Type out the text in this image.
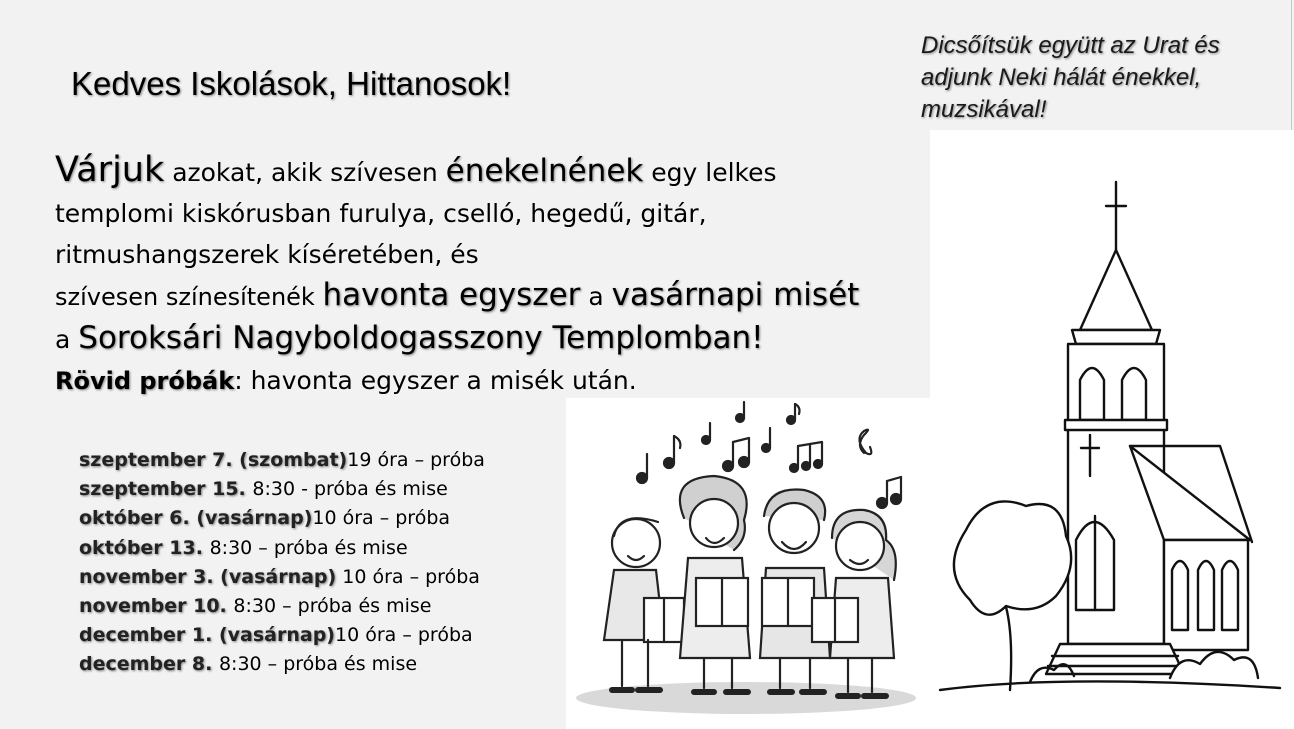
Dicsőítsük együtt az Urat és
adjunk Neki hálát énekkel,
muzsikával!

Kedves Iskolások, Hittanosok!
Várjuk azokat, akik szívesen énekelnének egy lelkes
templomi kiskórusban furulya, cselló, hegedű, gitár,
ritmushangszerek kíséretében, és
szívesen színesítenék havonta egyszer a vasárnapi misét
a Soroksári Nagyboldogasszony Templomban!
Rövid próbák: havonta egyszer a misék után.
szeptember 7. (szombat)19 óra – próba
szeptember 15. 8:30 - próba és mise
október 6. (vasárnap)10 óra – próba
október 13. 8:30 – próba és mise
november 3. (vasárnap) 10 óra – próba
november 10. 8:30 – próba és mise
december 1. (vasárnap)10 óra – próba
december 8. 8:30 – próba és mise
